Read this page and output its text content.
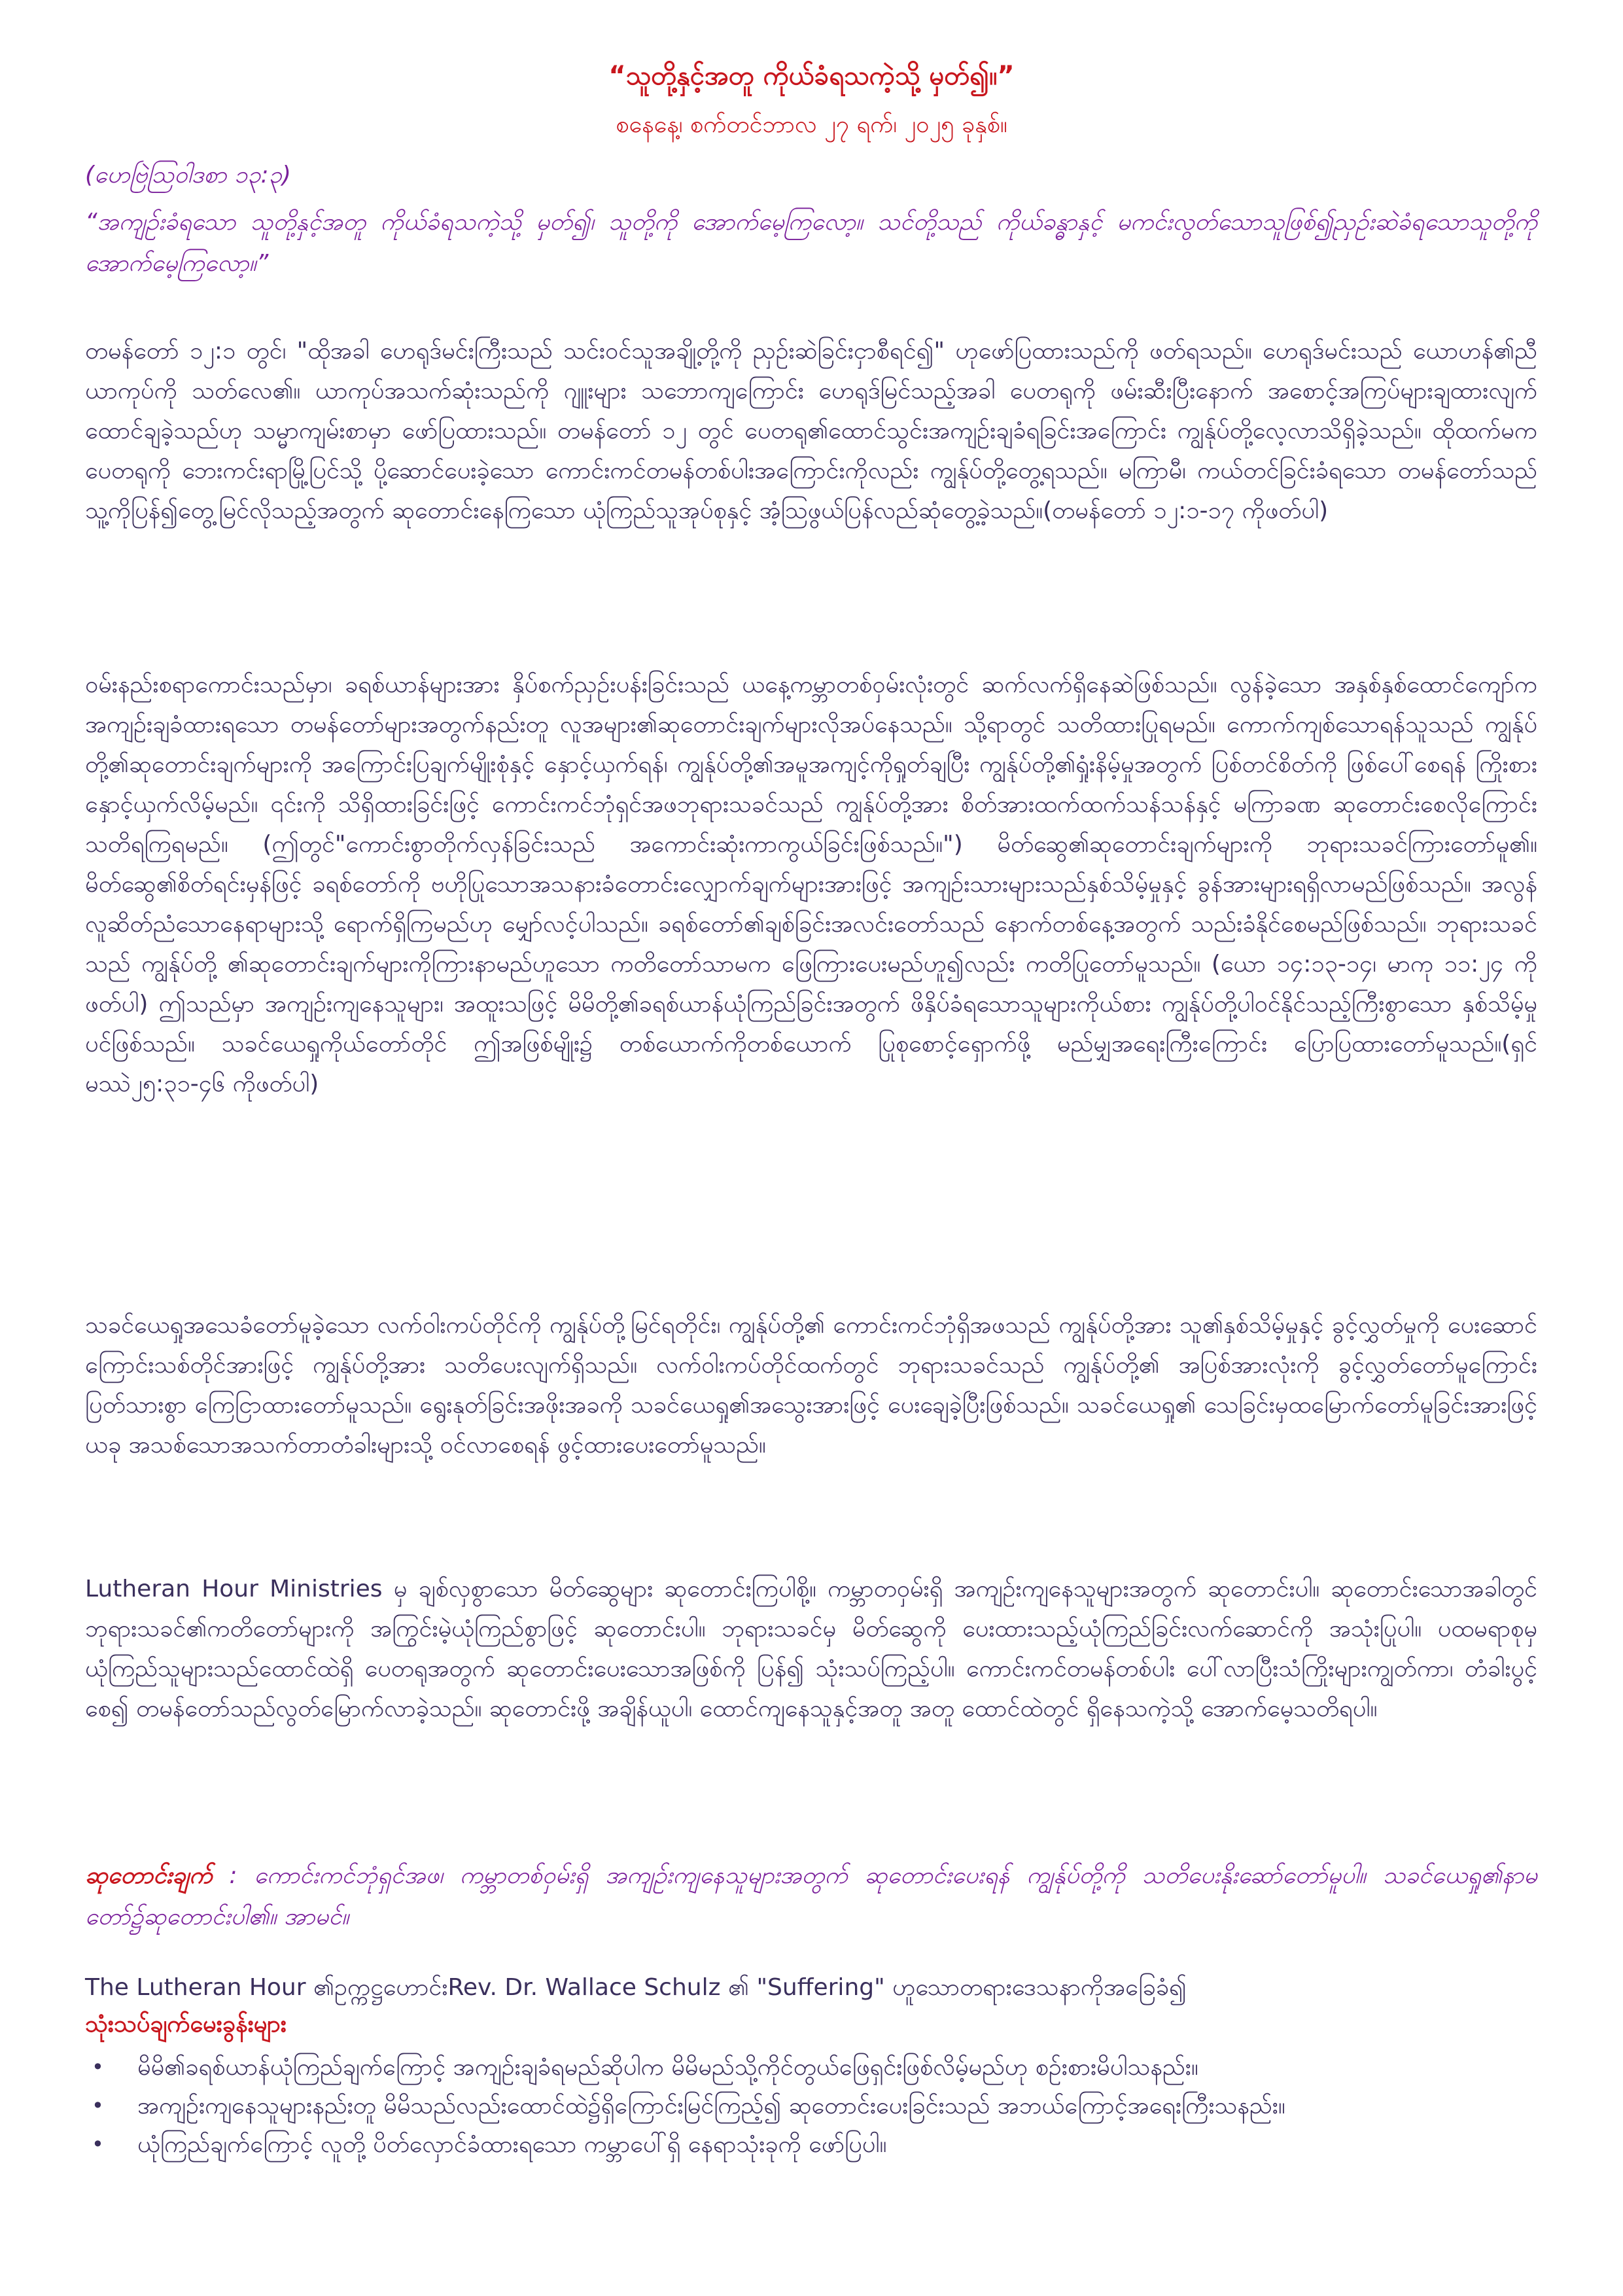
“သူတို့နှင့်အတူ ကိုယ်ခံရသကဲ့သို့ မှတ်၍။”
စနေနေ့၊ စက်တင်ဘာလ ၂၇ ရက်၊ ၂၀၂၅ ခုနှစ်။
(ဟေဗြဲဩဝါဒစာ ၁၃:၃)

“အကျဉ်းခံရသော သူတို့နှင့်အတူ ကိုယ်ခံရသကဲ့သို့ မှတ်၍၊ သူတို့ကို အောက်မေ့ကြလော့။ သင်တို့သည် ကိုယ်ခန္ဓာနှင့် မကင်းလွတ်သောသူဖြစ်၍ညှဉ်းဆဲခံရသောသူတို့ကို အောက်မေ့ကြလော့။”

တမန်တော် ၁၂:၁ တွင်၊ "ထိုအခါ ဟေရုဒ်မင်းကြီးသည် သင်းဝင်သူအချို့တို့ကို ညှဉ်းဆဲခြင်းငှာစီရင်၍" ဟုဖော်ပြထားသည်ကို ဖတ်ရသည်။ ဟေရုဒ်မင်းသည် ယောဟန်၏ညီယာကုပ်ကို သတ်လေ၏။ ယာကုပ်အသက်ဆုံးသည်ကို ဂျူးများ သဘောကျကြောင်း ဟေရုဒ်မြင်သည့်အခါ ပေတရုကို ဖမ်းဆီးပြီးနောက် အစောင့်အကြပ်များချထားလျက် ထောင်ချခဲ့သည်ဟု သမ္မာကျမ်းစာမှာ ဖော်ပြထားသည်။ တမန်တော် ၁၂ တွင် ပေတရု၏ထောင်သွင်းအကျဉ်းချခံရခြင်းအကြောင်း ကျွန်ုပ်တို့လေ့လာသိရှိခဲ့သည်။ ထိုထက်မက ပေတရုကို ဘေးကင်းရာမြို့ပြင်သို့ ပို့ဆောင်ပေးခဲ့သော ကောင်းကင်တမန်တစ်ပါးအကြောင်းကိုလည်း ကျွန်ုပ်တို့တွေ့ရသည်။ မကြာမီ၊ ကယ်တင်ခြင်းခံရသော တမန်တော်သည် သူ့ကိုပြန်၍တွေ့မြင်လိုသည့်အတွက် ဆုတောင်းနေကြသော ယုံကြည်သူအုပ်စုနှင့် အံ့သြဖွယ်ပြန်လည်ဆုံတွေ့ခဲ့သည်။(တမန်တော် ၁၂:၁-၁၇ ကိုဖတ်ပါ)

ဝမ်းနည်းစရာကောင်းသည်မှာ၊ ခရစ်ယာန်များအား နှိပ်စက်ညှဉ်းပန်းခြင်းသည် ယနေ့ကမ္ဘာတစ်ဝှမ်းလုံးတွင် ဆက်လက်ရှိနေဆဲဖြစ်သည်။ လွန်ခဲ့သော အနှစ်နှစ်ထောင်ကျော်က အကျဉ်းချခံထားရသော တမန်တော်များအတွက်နည်းတူ လူအများ၏ဆုတောင်းချက်များလိုအပ်နေသည်။ သို့ရာတွင် သတိထားပြုရမည်။ ကောက်ကျစ်သောရန်သူသည် ကျွန်ုပ်တို့၏ဆုတောင်းချက်များကို အကြောင်းပြချက်မျိုးစုံနှင့် နှောင့်ယှက်ရန်၊ ကျွန်ုပ်တို့၏အမူအကျင့်ကိုရှုတ်ချပြီး ကျွန်ုပ်တို့၏ရှုံးနိမ့်မှုအတွက် ပြစ်တင်စိတ်ကို ဖြစ်ပေါ်စေရန် ကြိုးစားနှောင့်ယှက်လိမ့်မည်။ ၎င်းကို သိရှိထားခြင်းဖြင့် ကောင်းကင်ဘုံရှင်အဖဘုရားသခင်သည် ကျွန်ုပ်တို့အား စိတ်အားထက်ထက်သန်သန်နှင့် မကြာခဏ ဆုတောင်းစေလိုကြောင်း သတိရကြရမည်။ (ဤတွင်"ကောင်းစွာတိုက်လှန်ခြင်းသည် အကောင်းဆုံးကာကွယ်ခြင်းဖြစ်သည်။") မိတ်ဆွေ၏ဆုတောင်းချက်များကို ဘုရားသခင်ကြားတော်မူ၏။ မိတ်ဆွေ၏စိတ်ရင်းမှန်ဖြင့် ခရစ်တော်ကို ဗဟိုပြုသောအသနားခံတောင်းလျှောက်ချက်များအားဖြင့် အကျဉ်းသားများသည်နှစ်သိမ့်မှုနှင့် ခွန်အားများရရှိလာမည်ဖြစ်သည်။ အလွန်လူဆိတ်ညံသောနေရာများသို့ ရောက်ရှိကြမည်ဟု မျှော်လင့်ပါသည်။ ခရစ်တော်၏ချစ်ခြင်းအလင်းတော်သည် နောက်တစ်နေ့အတွက် သည်းခံနိုင်စေမည်ဖြစ်သည်။ ဘုရားသခင်သည် ကျွန်ုပ်တို့ ၏ဆုတောင်းချက်များကိုကြားနာမည်ဟူသော ကတိတော်သာမက ဖြေကြားပေးမည်ဟူ၍လည်း ကတိပြုတော်မူသည်။ (ယော ၁၄:၁၃-၁၄၊ မာကု ၁၁:၂၄ ကိုဖတ်ပါ) ဤသည်မှာ အကျဉ်းကျနေသူများ၊ အထူးသဖြင့် မိမိတို့၏ခရစ်ယာန်ယုံကြည်ခြင်းအတွက် ဖိနှိပ်ခံရသောသူများကိုယ်စား ကျွန်ုပ်တို့ပါဝင်နိုင်သည့်ကြီးစွာသော နှစ်သိမ့်မှုပင်ဖြစ်သည်။ သခင်ယေရှုကိုယ်တော်တိုင် ဤအဖြစ်မျိုး၌ တစ်ယောက်ကိုတစ်ယောက် ပြုစုစောင့်ရှောက်ဖို့ မည်မျှအရေးကြီးကြောင်း ပြောပြထားတော်မူသည်။(ရှင်မဿဲ၂၅:၃၁-၄၆ ကိုဖတ်ပါ)

သခင်ယေရှုအသေခံတော်မူခဲ့သော လက်ဝါးကပ်တိုင်ကို ကျွန်ုပ်တို့မြင်ရတိုင်း၊ ကျွန်ုပ်တို့၏ ကောင်းကင်ဘုံရှိအဖသည် ကျွန်ုပ်တို့အား သူ၏နှစ်သိမ့်မှုနှင့် ခွင့်လွှတ်မှုကို ပေးဆောင်ကြောင်းသစ်တိုင်အားဖြင့် ကျွန်ုပ်တို့အား သတိပေးလျက်ရှိသည်။ လက်ဝါးကပ်တိုင်ထက်တွင် ဘုရားသခင်သည် ကျွန်ုပ်တို့၏ အပြစ်အားလုံးကို ခွင့်လွှတ်တော်မူကြောင်း ပြတ်သားစွာ ကြေငြာထားတော်မူသည်။ ရွေးနုတ်ခြင်းအဖိုးအခကို သခင်ယေရှု၏အသွေးအားဖြင့် ပေးချေခဲ့ပြီးဖြစ်သည်။ သခင်ယေရှု၏ သေခြင်းမှထမြောက်တော်မူခြင်းအားဖြင့် ယခု အသစ်သောအသက်တာတံခါးများသို့ ဝင်လာစေရန် ဖွင့်ထားပေးတော်မူသည်။

Lutheran Hour Ministries မှ ချစ်လှစွာသော မိတ်ဆွေများ ဆုတောင်းကြပါစို့။ ကမ္ဘာတဝှမ်းရှိ အကျဉ်းကျနေသူများအတွက် ဆုတောင်းပါ။ ဆုတောင်းသောအခါတွင် ဘုရားသခင်၏ကတိတော်များကို အကြွင်းမဲ့ယုံကြည်စွာဖြင့် ဆုတောင်းပါ။ ဘုရားသခင်မှ မိတ်ဆွေကို ပေးထားသည့်ယုံကြည်ခြင်းလက်ဆောင်ကို အသုံးပြုပါ။ ပထမရာစုမှ ယုံကြည်သူများသည်ထောင်ထဲရှိ ပေတရုအတွက် ဆုတောင်းပေးသောအဖြစ်ကို ပြန်၍ သုံးသပ်ကြည့်ပါ။ ကောင်းကင်တမန်တစ်ပါး ပေါ်လာပြီးသံကြိုးများကျွတ်ကာ၊ တံခါးပွင့်စေ၍ တမန်တော်သည်လွတ်မြောက်လာခဲ့သည်။ ဆုတောင်းဖို့ အချိန်ယူပါ၊ ထောင်ကျနေသူနှင့်အတူ အတူ ထောင်ထဲတွင် ရှိနေသကဲ့သို့ အောက်မေ့သတိရပါ။

ဆုတောင်းချက် : ကောင်းကင်ဘုံရှင်အဖ၊ ကမ္ဘာတစ်ဝှမ်းရှိ အကျဉ်းကျနေသူများအတွက် ဆုတောင်းပေးရန် ကျွန်ုပ်တို့ကို သတိပေးနိုးဆော်တော်မူပါ။ သခင်ယေရှု၏နာမတော်၌ဆုတောင်းပါ၏။ အာမင်။

The Lutheran Hour ၏ဥက္ကဋ္ဌဟောင်းRev. Dr. Wallace Schulz ၏ "Suffering" ဟူသောတရားဒေသနာကိုအခြေခံ၍

သုံးသပ်ချက်မေးခွန်းများ

• မိမိ၏ခရစ်ယာန်ယုံကြည်ချက်ကြောင့် အကျဉ်းချခံရမည်ဆိုပါက မိမိမည်သို့ကိုင်တွယ်ဖြေရှင်းဖြစ်လိမ့်မည်ဟု စဉ်းစားမိပါသနည်း။
• အကျဉ်းကျနေသူများနည်းတူ မိမိသည်လည်းထောင်ထဲ၌ရှိကြောင်းမြင်ကြည့်၍ ဆုတောင်းပေးခြင်းသည် အဘယ်ကြောင့်အရေးကြီးသနည်း။
• ယုံကြည်ချက်ကြောင့် လူတို့ ပိတ်လှောင်ခံထားရသော ကမ္ဘာပေါ်ရှိ နေရာသုံးခုကို ဖော်ပြပါ။
